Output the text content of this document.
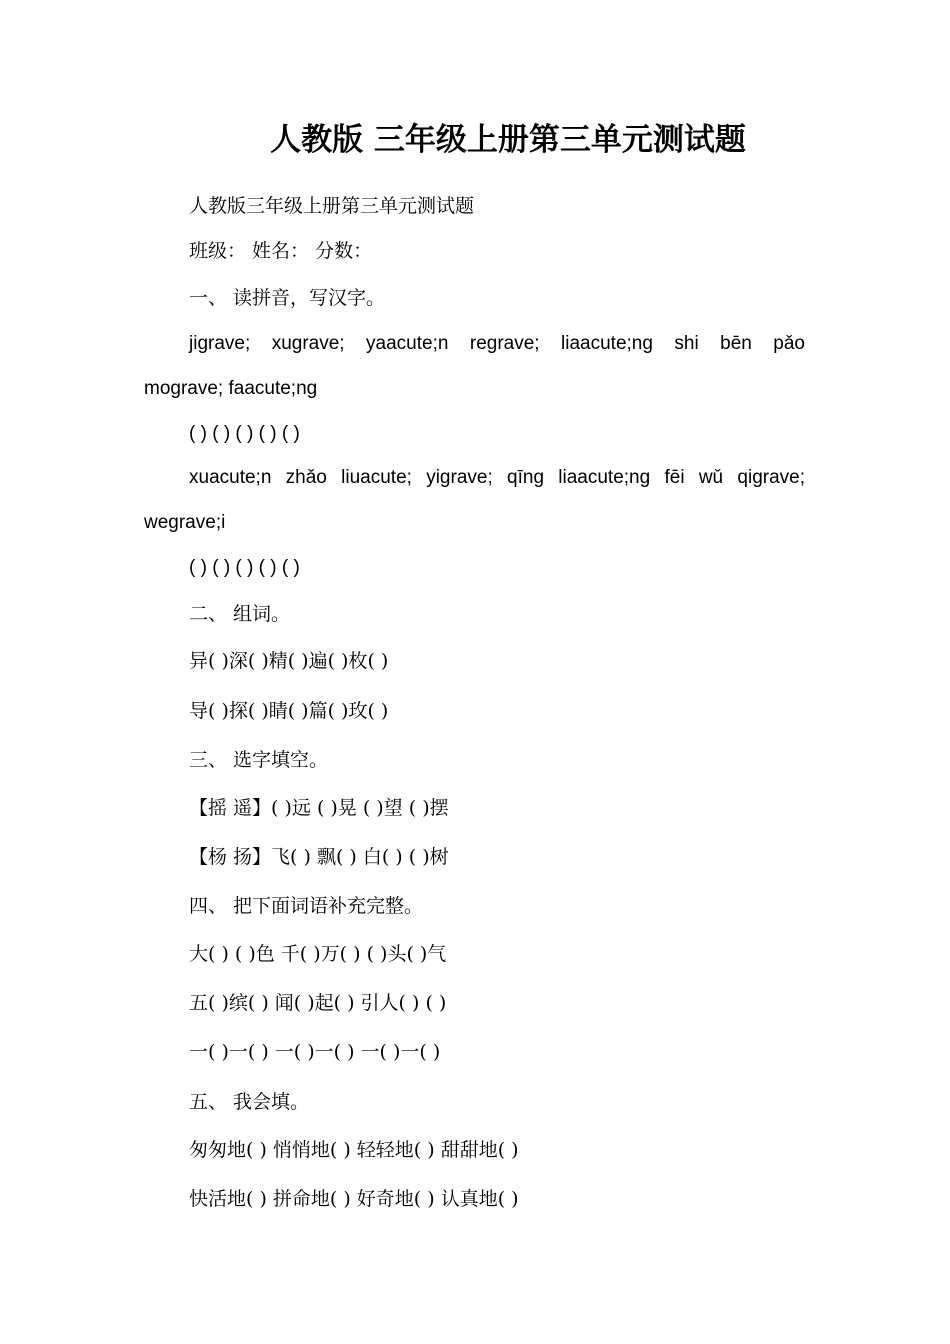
人教版 三年级上册第三单元测试题
人教版三年级上册第三单元测试题
班级： 姓名： 分数：
一、 读拼音，写汉字。
jigrave; xugrave; yaacute;n regrave; liaacute;ng shi bēn pǎo
mograve; faacute;ng
( ) ( ) ( ) ( ) ( )
xuacute;n zhǎo liuacute; yigrave; qīng liaacute;ng fēi wǔ qigrave;
wegrave;i
( ) ( ) ( ) ( ) ( )
二、 组词。
异( )深( )精( )遍( )枚( )
导( )探( )睛( )篇( )玫( )
三、 选字填空。
【摇 遥】( )远 ( )晃 ( )望 ( )摆
【杨 扬】飞( ) 飘( ) 白( ) ( )树
四、 把下面词语补充完整。
大( ) ( )色 千( )万( ) ( )头( )气
五( )缤( ) 闻( )起( ) 引人( ) ( )
一( )一( ) 一( )一( ) 一( )一( )
五、 我会填。
匆匆地( ) 悄悄地( ) 轻轻地( ) 甜甜地( )
快活地( ) 拼命地( ) 好奇地( ) 认真地( )
